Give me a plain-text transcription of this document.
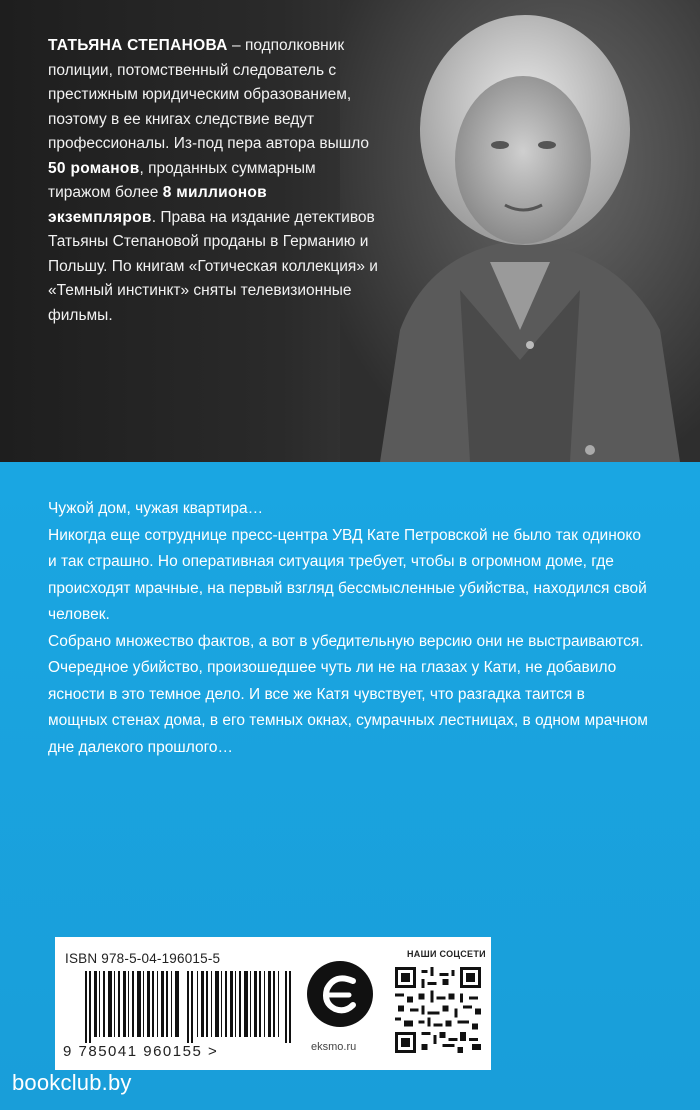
ТАТЬЯНА СТЕПАНОВА – подполковник полиции, потомственный следователь с престижным юридическим образованием, поэтому в ее книгах следствие ведут профессионалы. Из-под пера автора вышло 50 романов, проданных суммарным тиражом более 8 миллионов экземпляров. Права на издание детективов Татьяны Степановой проданы в Германию и Польшу. По книгам «Готическая коллекция» и «Темный инстинкт» сняты телевизионные фильмы.

Чужой дом, чужая квартира…

Никогда еще сотруднице пресс-центра УВД Кате Петровской не было так одиноко и так страшно. Но оперативная ситуация требует, чтобы в огромном доме, где происходят мрачные, на первый взгляд бессмысленные убийства, находился свой человек.

Собрано множество фактов, а вот в убедительную версию они не выстраиваются. Очередное убийство, произошедшее чуть ли не на глазах у Кати, не добавило ясности в это темное дело. И все же Катя чувствует, что разгадка таится в мощных стенах дома, в его темных окнах, сумрачных лестницах, в одном мрачном дне далекого прошлого…

ISBN 978-5-04-196015-5
9 785041 960155 >	eksmo.ru
НАШИ СОЦСЕТИ
bookclub.by
